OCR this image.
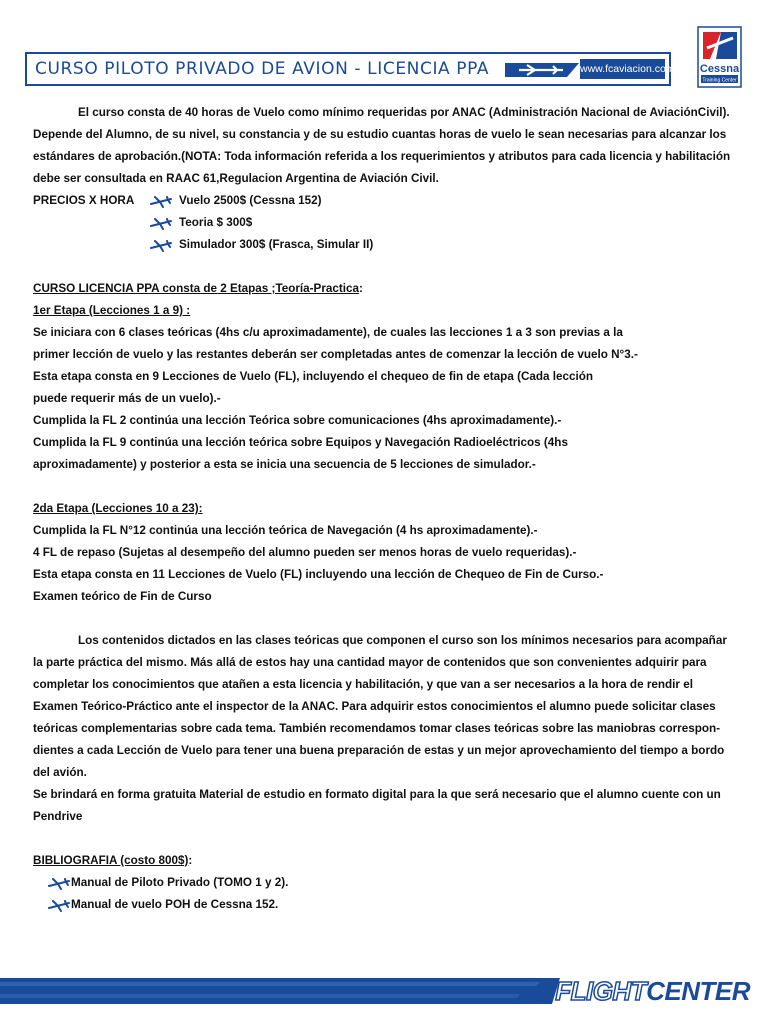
CURSO PILOTO PRIVADO DE AVION - LICENCIA PPA	www.fcaviacion.com.ar Cessna
Training Center
El curso consta de 40 horas de Vuelo como mínimo requeridas por ANAC (Administración Nacional de AviaciónCivil).
Depende del Alumno, de su nivel, su constancia y de su estudio cuantas horas de vuelo le sean necesarias para alcanzar los
estándares de aprobación.(NOTA: Toda información referida a los requerimientos y atributos para cada licencia y habilitación
debe ser consultada en RAAC 61,Regulacion Argentina de Aviación Civil.
PRECIOS X HORA	Vuelo 2500$ (Cessna 152)
Teoria $ 300$
Simulador 300$ (Frasca, Simular II)
CURSO LICENCIA PPA consta de 2 Etapas ;Teoría-Practica:
1er Etapa (Lecciones 1 a 9) :
Se iniciara con 6 clases teóricas (4hs c/u aproximadamente), de cuales las lecciones 1 a 3 son previas a la
primer lección de vuelo y las restantes deberán ser completadas antes de comenzar la lección de vuelo N°3.-
Esta etapa consta en 9 Lecciones de Vuelo (FL), incluyendo el chequeo de fin de etapa (Cada lección
puede requerir más de un vuelo).-
Cumplida la FL 2 continúa una lección Teórica sobre comunicaciones (4hs aproximadamente).-
Cumplida la FL 9 continúa una lección teórica sobre Equipos y Navegación Radioeléctricos (4hs
aproximadamente) y posterior a esta se inicia una secuencia de 5 lecciones de simulador.-
2da Etapa (Lecciones 10 a 23):
Cumplida la FL N°12 continúa una lección teórica de Navegación (4 hs aproximadamente).-
4 FL de repaso (Sujetas al desempeño del alumno pueden ser menos horas de vuelo requeridas).-
Esta etapa consta en 11 Lecciones de Vuelo (FL) incluyendo una lección de Chequeo de Fin de Curso.-
Examen teórico de Fin de Curso
Los contenidos dictados en las clases teóricas que componen el curso son los mínimos necesarios para acompañar
la parte práctica del mismo. Más allá de estos hay una cantidad mayor de contenidos que son convenientes adquirir para
completar los conocimientos que atañen a esta licencia y habilitación, y que van a ser necesarios a la hora de rendir el
Examen Teórico-Práctico ante el inspector de la ANAC. Para adquirir estos conocimientos el alumno puede solicitar clases
teóricas complementarias sobre cada tema. También recomendamos tomar clases teóricas sobre las maniobras correspon-
dientes a cada Lección de Vuelo para tener una buena preparación de estas y un mejor aprovechamiento del tiempo a bordo
del avión.
Se brindará en forma gratuita Material de estudio en formato digital para la que será necesario que el alumno cuente con un
Pendrive
BIBLIOGRAFIA (costo 800$):
Manual de Piloto Privado (TOMO 1 y 2).
Manual de vuelo POH de Cessna 152.
FLIGHTCENTER
